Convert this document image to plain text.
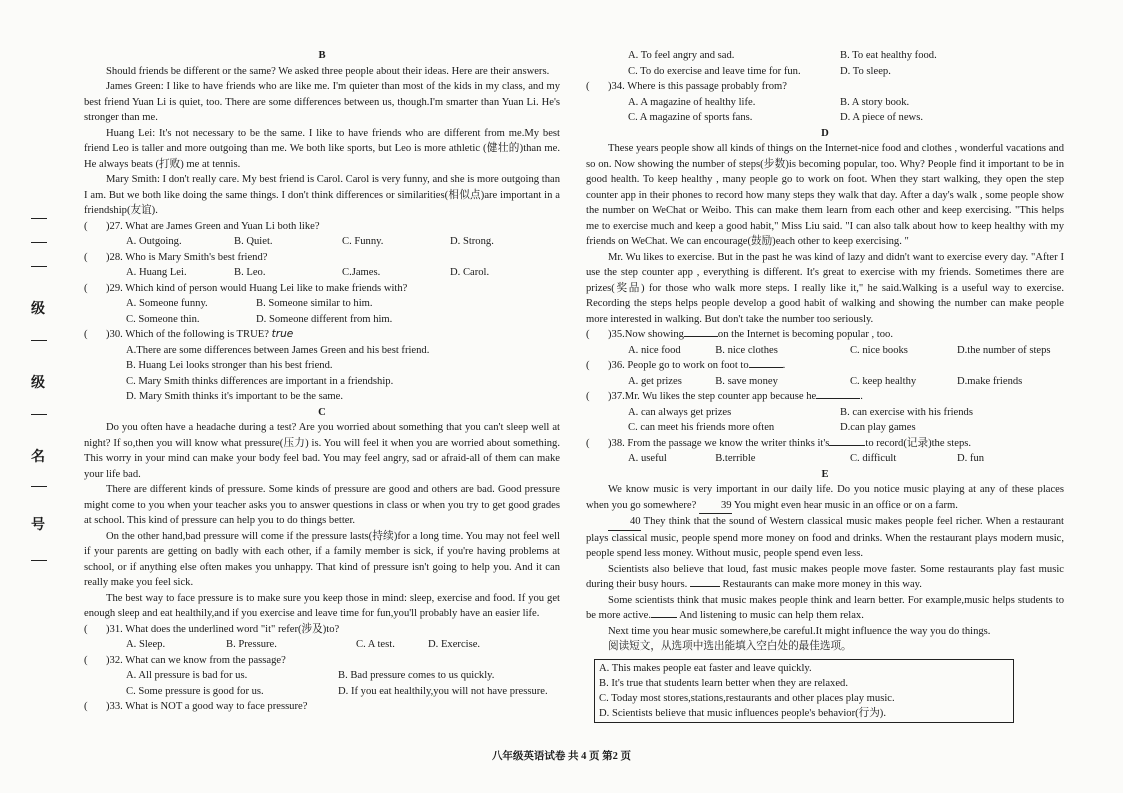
级
级
名
号
B

Should friends be different or the same? We asked three people about their ideas. Here are their answers.

James Green: I like to have friends who are like me. I'm quieter than most of the kids in my class, and my best friend Yuan Li is quiet, too. There are some differences between us, though.I'm smarter than Yuan Li. He's stronger than me.

Huang Lei: It's not necessary to be the same. I like to have friends who are different from me.My best friend Leo is taller and more outgoing than me. We both like sports, but Leo is more athletic (健壮的)than me. He always beats (打败) me at tennis.

Mary Smith: I don't really care. My best friend is Carol. Carol is very funny, and she is more outgoing than I am. But we both like doing the same things. I don't think differences or similarities(相似点)are important in a friendship(友谊).

( )27. What are James Green and Yuan Li both like?
A. Outgoing.	B. Quiet.	C. Funny.	D. Strong.
( )28. Who is Mary Smith's best friend?
A. Huang Lei.	B. Leo.	C.James.	D. Carol.
( )29. Which kind of person would Huang Lei like to make friends with?
A. Someone funny.	B. Someone similar to him.
C. Someone thin.	D. Someone different from him.
( )30. Which of the following is TRUE? true
A.There are some differences between James Green and his best friend.
B. Huang Lei looks stronger than his best friend.
C. Mary Smith thinks differences are important in a friendship.
D. Mary Smith thinks it's important to be the same.
C

Do you often have a headache during a test? Are you worried about something that you can't sleep well at night? If so,then you will know what pressure(压力) is. You will feel it when you are worried about something. This worry in your mind can make your body feel bad. You may feel angry, sad or afraid-all of them can make your life bad.

There are different kinds of pressure. Some kinds of pressure are good and others are bad. Good pressure might come to you when your teacher asks you to answer questions in class or when you try to get good grades at school. This kind of pressure can help you to do things better.

On the other hand,bad pressure will come if the pressure lasts(持续)for a long time. You may not feel well if your parents are getting on badly with each other, if a family member is sick, if you're having problems at school, or if anything else often makes you unhappy. That kind of pressure isn't going to help you. And it can really make you feel sick.

The best way to face pressure is to make sure you keep those in mind: sleep, exercise and food. If you get enough sleep and eat healthily,and if you exercise and leave time for fun,you'll probably have an easier life.

( )31. What does the underlined word "it" refer(涉及)to?
A. Sleep.	B. Pressure.	C. A test.	D. Exercise.
( )32. What can we know from the passage?
A. All pressure is bad for us.	B. Bad pressure comes to us quickly.
C. Some pressure is good for us.	D. If you eat healthily,you will not have pressure.
( )33. What is NOT a good way to face pressure?
A. To feel angry and sad.	B. To eat healthy food.
C. To do exercise and leave time for fun.	D. To sleep.
( )34. Where is this passage probably from?
A. A magazine of healthy life.	B. A story book.
C. A magazine of sports fans.	D. A piece of news.
D

These years people show all kinds of things on the Internet-nice food and clothes , wonderful vacations and so on. Now showing the number of steps(步数)is becoming popular, too. Why? People find it important to be in good health. To keep healthy , many people go to work on foot. When they start walking, they open the step counter app in their phones to record how many steps they walk that day. After a day's walk , some people show the number on WeChat or Weibo. This can make them learn from each other and keep exercising. "This helps me to exercise much and keep a good habit," Miss Liu said. "I can also talk about how to keep healthy with my friends on WeChat. We can encourage(鼓励)each other to keep exercising. "

Mr. Wu likes to exercise. But in the past he was kind of lazy and didn't want to exercise every day. "After I use the step counter app , everything is different. It's great to exercise with my friends. Sometimes there are prizes(奖品) for those who walk more steps. I really like it," he said.Walking is a useful way to exercise. Recording the steps helps people develop a good habit of walking and showing the number can make people more interested in walking. But don't take the number too seriously.

( )35.Now showing	on the Internet is becoming popular , too.
A. nice food	B. nice clothes	C. nice books	D.the number of steps
( )36. People go to work on foot to	.
A. get prizes	B. save money	C. keep healthy	D.make friends
( )37.Mr. Wu likes the step counter app because he	.
A. can always get prizes	B. can exercise with his friends
C. can meet his friends more often	D.can play games
( )38. From the passage we know the writer thinks it's	to record(记录)the steps.
A. useful	B.terrible	C. difficult	D. fun
E

We know music is very important in our daily life. Do you notice music playing at any of these places when you go somewhere? 39 You might even hear music in an office or on a farm.

40 They think that the sound of Western classical music makes people feel richer. When a restaurant plays classical music, people spend more money on food and drinks. When the restaurant plays modern music, people spend less money. Without music, people spend even less.

Scientists also believe that loud, fast music makes people move faster. Some restaurants play fast music during their busy hours.	Restaurants can make more money in this way.

Some scientists think that music makes people think and learn better. For example,music helps students to be more active.	And listening to music can help them relax.

Next time you hear music somewhere,be careful.It might influence the way you do things.

阅读短文，从选项中选出能填入空白处的最佳选项。

A. This makes people eat faster and leave quickly.
B. It's true that students learn better when they are relaxed.
C. Today most stores,stations,restaurants and other places play music.
D. Scientists believe that music influences people's behavior(行为).
八年级英语试卷 共 4 页 第2 页
